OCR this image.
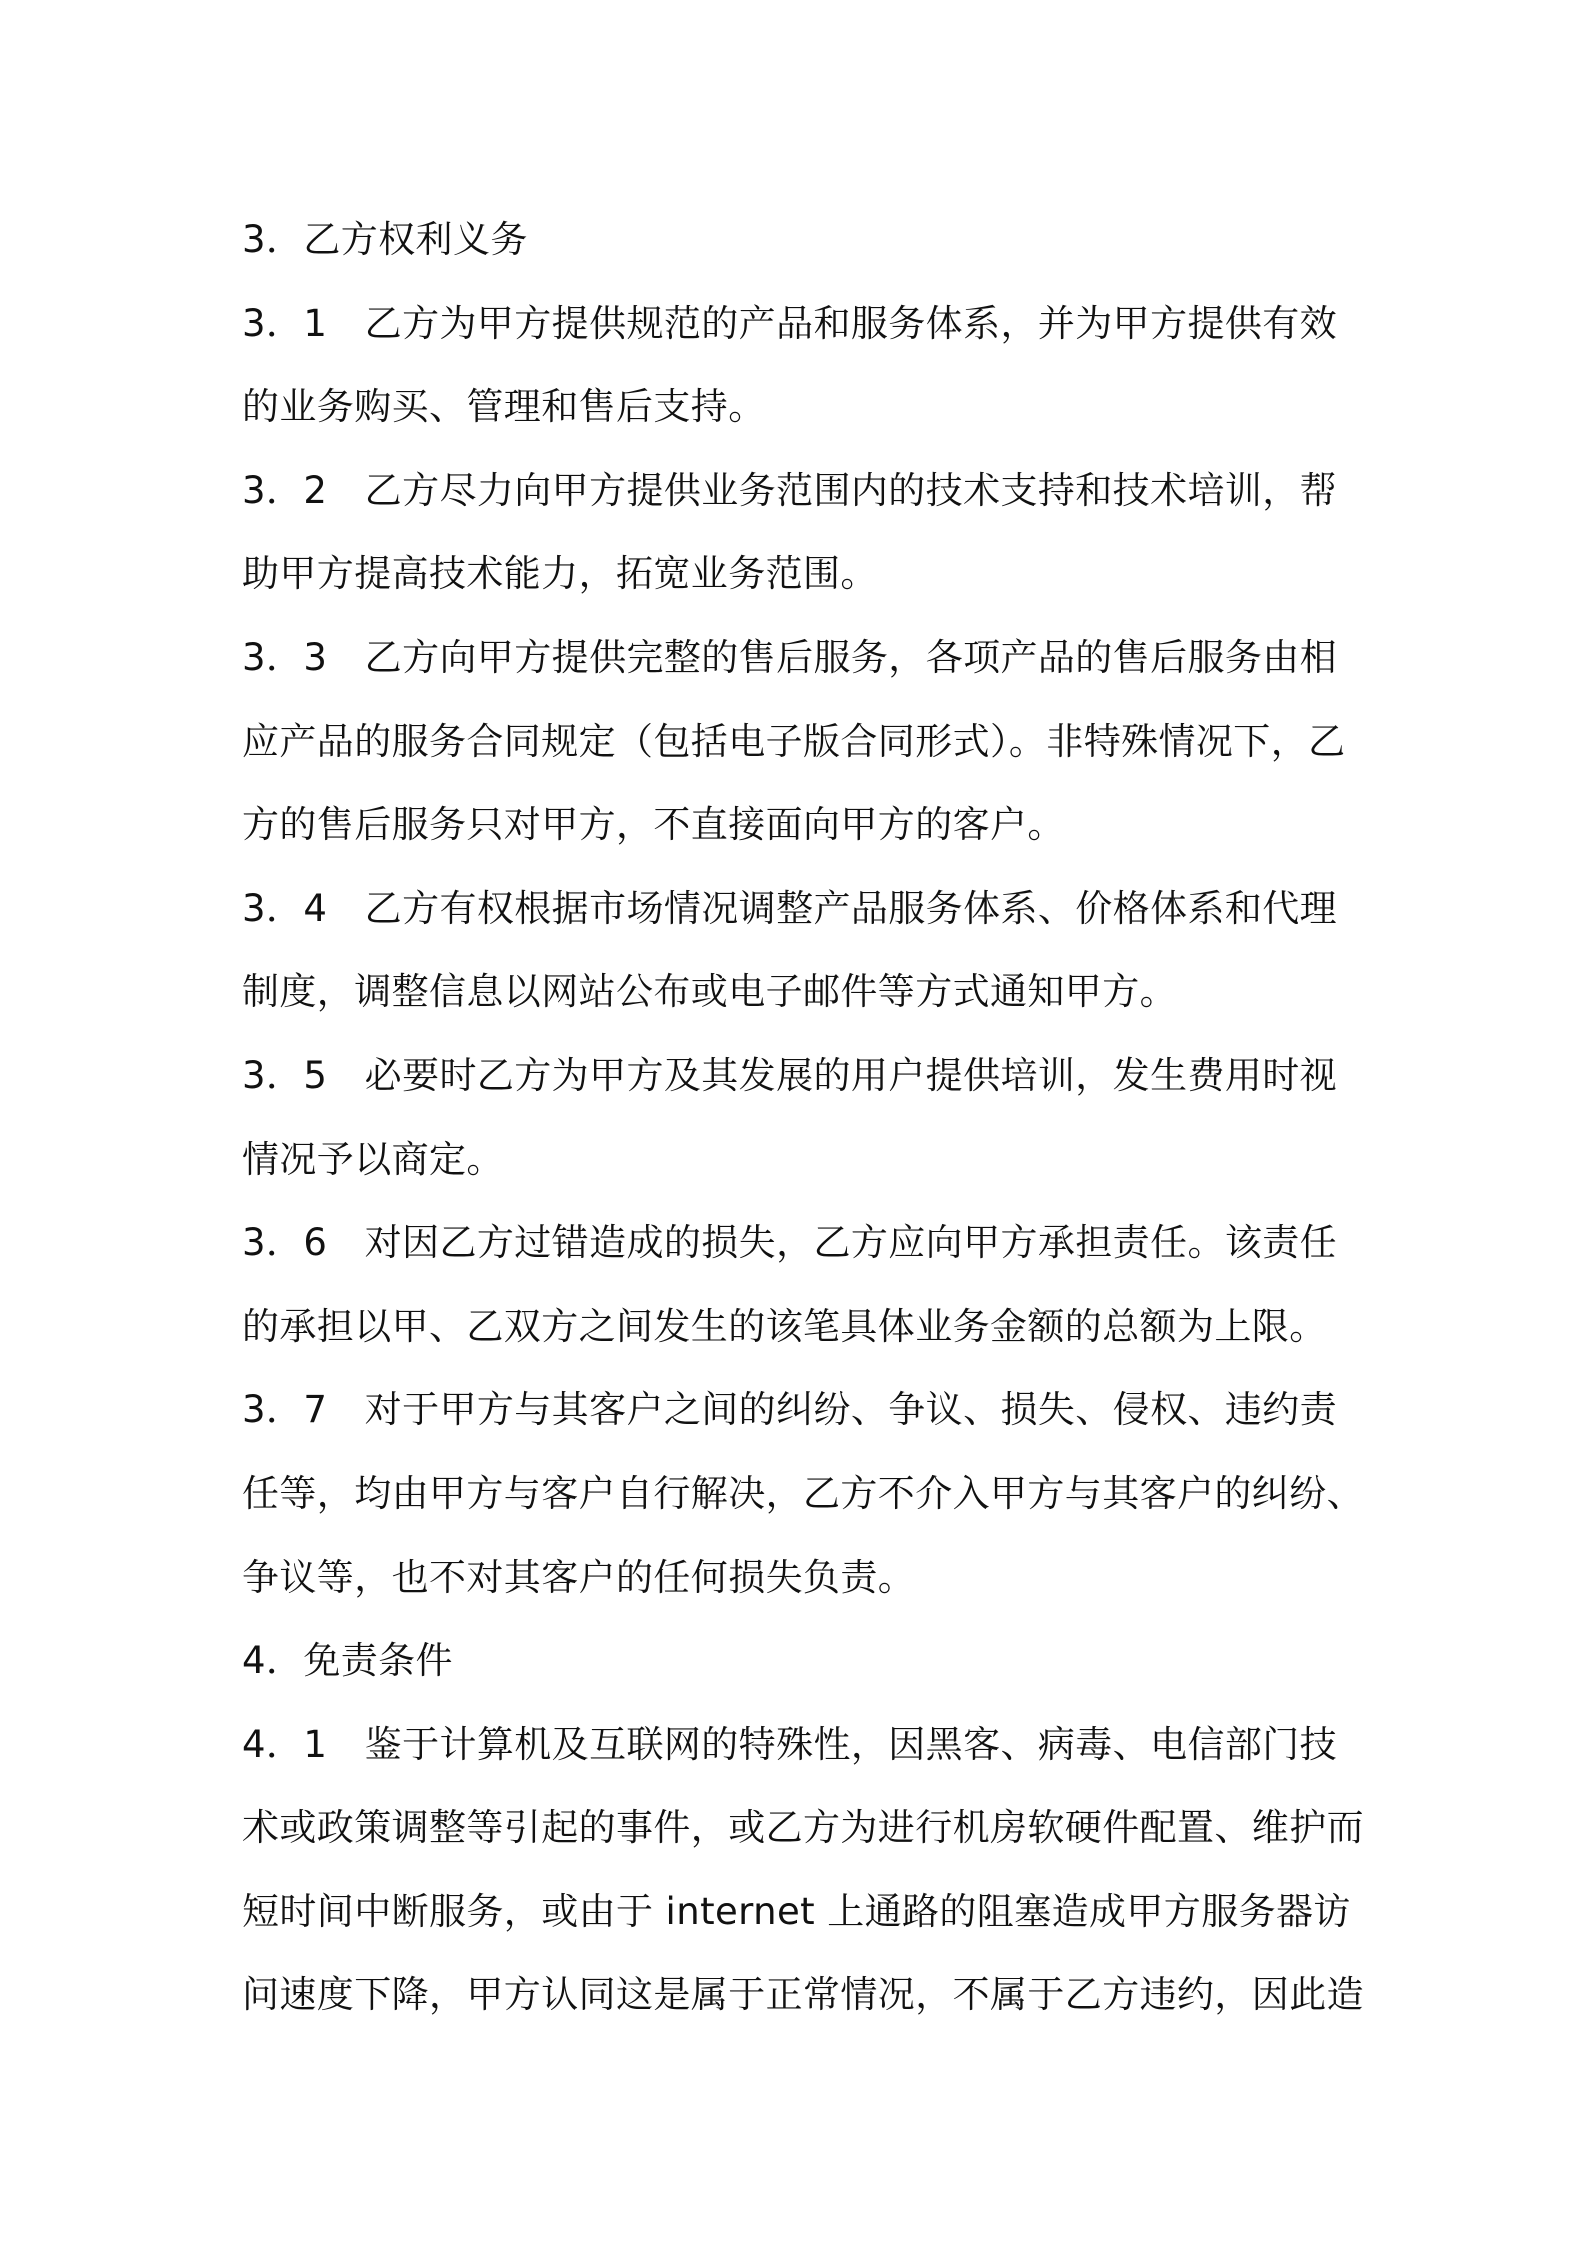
3．乙方权利义务
3．1　乙方为甲方提供规范的产品和服务体系，并为甲方提供有效
的业务购买、管理和售后支持。
3．2　乙方尽力向甲方提供业务范围内的技术支持和技术培训，帮
助甲方提高技术能力，拓宽业务范围。
3．3　乙方向甲方提供完整的售后服务，各项产品的售后服务由相
应产品的服务合同规定（包括电子版合同形式）。非特殊情况下，乙
方的售后服务只对甲方，不直接面向甲方的客户。
3．4　乙方有权根据市场情况调整产品服务体系、价格体系和代理
制度，调整信息以网站公布或电子邮件等方式通知甲方。
3．5　必要时乙方为甲方及其发展的用户提供培训，发生费用时视
情况予以商定。
3．6　对因乙方过错造成的损失，乙方应向甲方承担责任。该责任
的承担以甲、乙双方之间发生的该笔具体业务金额的总额为上限。
3．7　对于甲方与其客户之间的纠纷、争议、损失、侵权、违约责
任等，均由甲方与客户自行解决，乙方不介入甲方与其客户的纠纷、
争议等，也不对其客户的任何损失负责。
4．免责条件
4．1　鉴于计算机及互联网的特殊性，因黑客、病毒、电信部门技
术或政策调整等引起的事件，或乙方为进行机房软硬件配置、维护而
短时间中断服务，或由于 internet 上通路的阻塞造成甲方服务器访
问速度下降，甲方认同这是属于正常情况，不属于乙方违约，因此造
